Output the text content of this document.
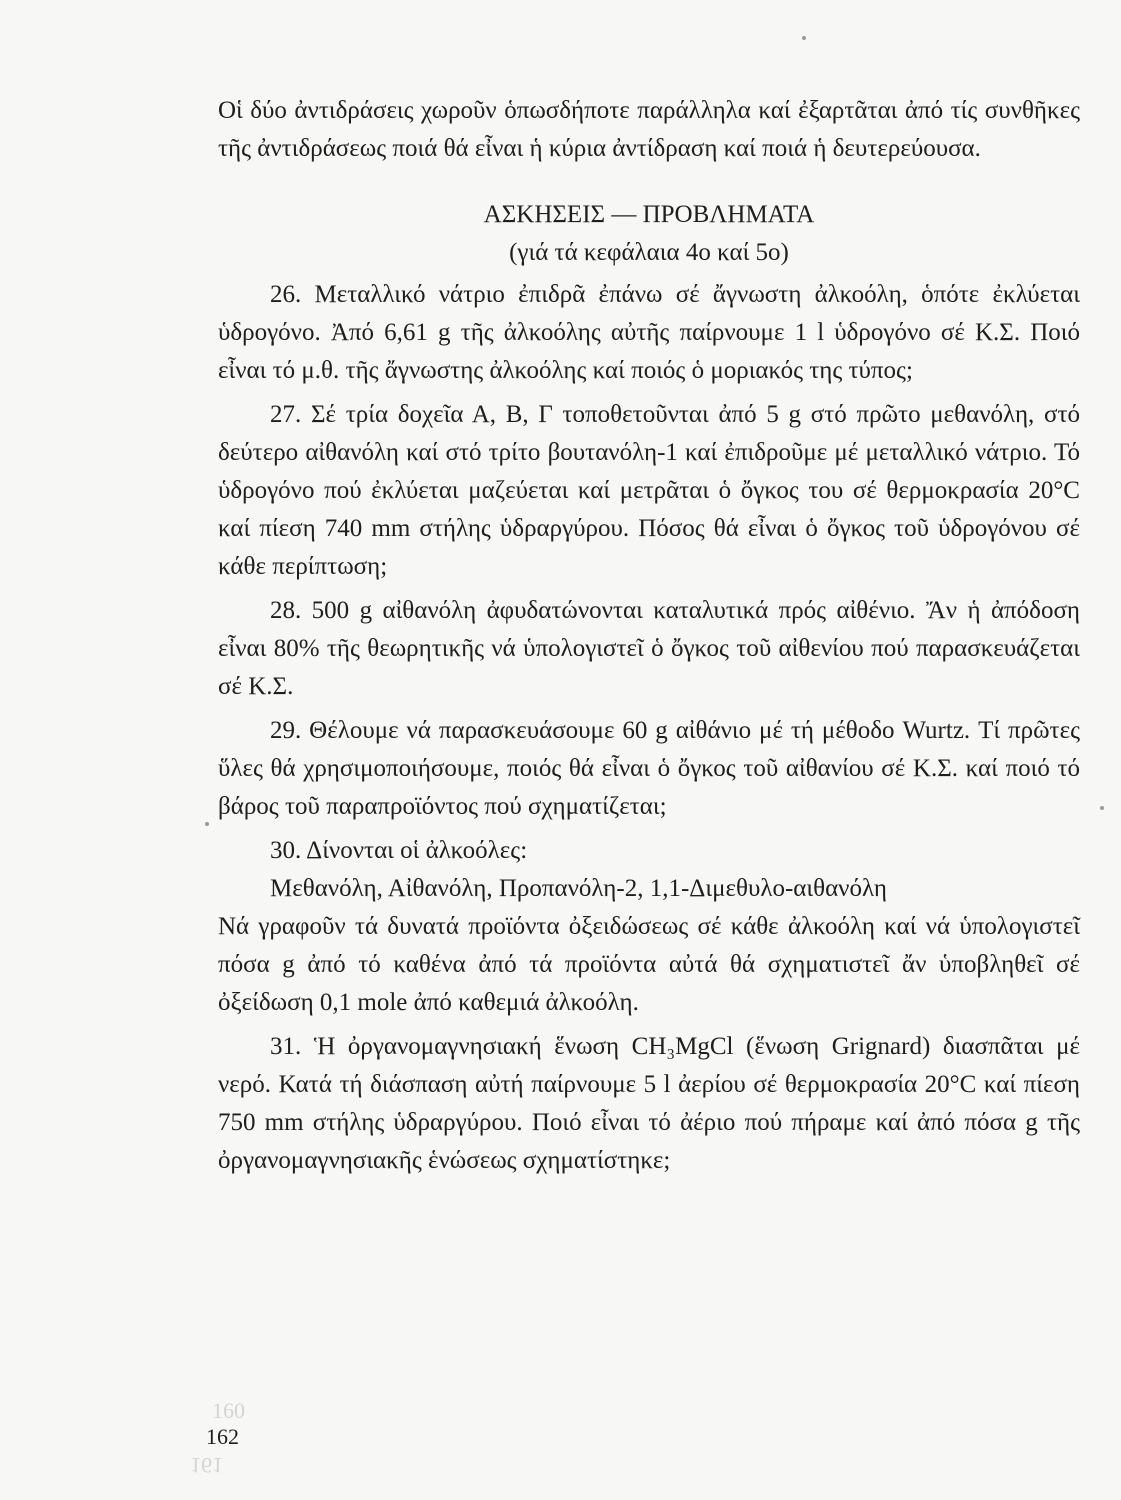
160
161

Οἱ δύο ἀντιδράσεις χωροῦν ὁπωσδήποτε παράλληλα καί ἐξαρτᾶται ἀπό τίς συνθῆκες τῆς ἀντιδράσεως ποιά θά εἶναι ἡ κύρια ἀντίδραση καί ποιά ἡ δευτερεύουσα.

ΑΣΚΗΣΕΙΣ — ΠΡΟΒΛΗΜΑΤΑ
(γιά τά κεφάλαια 4ο καί 5ο)

26. Μεταλλικό νάτριο ἐπιδρᾶ ἐπάνω σέ ἄγνωστη ἀλκοόλη, ὁπότε ἐκλύεται ὑδρογόνο. Ἀπό 6,61 g τῆς ἀλκοόλης αὐτῆς παίρνουμε 1 l ὑδρογόνο σέ Κ.Σ. Ποιό εἶναι τό μ.θ. τῆς ἄγνωστης ἀλκοόλης καί ποιός ὁ μοριακός της τύπος;

27. Σέ τρία δοχεῖα Α, Β, Γ τοποθετοῦνται ἀπό 5 g στό πρῶτο μεθανόλη, στό δεύτερο αἰθανόλη καί στό τρίτο βουτανόλη-1 καί ἐπιδροῦμε μέ μεταλλικό νάτριο. Τό ὑδρογόνο πού ἐκλύεται μαζεύεται καί μετρᾶται ὁ ὄγκος του σέ θερμοκρασία 20°C καί πίεση 740 mm στήλης ὑδραργύρου. Πόσος θά εἶναι ὁ ὄγκος τοῦ ὑδρογόνου σέ κάθε περίπτωση;

28. 500 g αἰθανόλη ἀφυδατώνονται καταλυτικά πρός αἰθένιο. Ἄν ἡ ἀπόδοση εἶναι 80% τῆς θεωρητικῆς νά ὑπολογιστεῖ ὁ ὄγκος τοῦ αἰθενίου πού παρασκευάζεται σέ Κ.Σ.

29. Θέλουμε νά παρασκευάσουμε 60 g αἰθάνιο μέ τή μέθοδο Wurtz. Τί πρῶτες ὕλες θά χρησιμοποιήσουμε, ποιός θά εἶναι ὁ ὄγκος τοῦ αἰθανίου σέ Κ.Σ. καί ποιό τό βάρος τοῦ παραπροϊόντος πού σχηματίζεται;

30. Δίνονται οἱ ἀλκοόλες:

Μεθανόλη, Αἰθανόλη, Προπανόλη-2, 1,1-Διμεθυλο-αιθανόλη

Νά γραφοῦν τά δυνατά προϊόντα ὀξειδώσεως σέ κάθε ἀλκοόλη καί νά ὑπολογιστεῖ πόσα g ἀπό τό καθένα ἀπό τά προϊόντα αὐτά θά σχηματιστεῖ ἄν ὑποβληθεῖ σέ ὀξείδωση 0,1 mole ἀπό καθεμιά ἀλκοόλη.

31. Ἡ ὀργανομαγνησιακή ἕνωση CH₃MgCl (ἕνωση Grignard) διασπᾶται μέ νερό. Κατά τή διάσπαση αὐτή παίρνουμε 5 l ἀερίου σέ θερμοκρασία 20°C καί πίεση 750 mm στήλης ὑδραργύρου. Ποιό εἶναι τό ἀέριο πού πήραμε καί ἀπό πόσα g τῆς ὀργανομαγνησιακῆς ἑνώσεως σχηματίστηκε;

162
